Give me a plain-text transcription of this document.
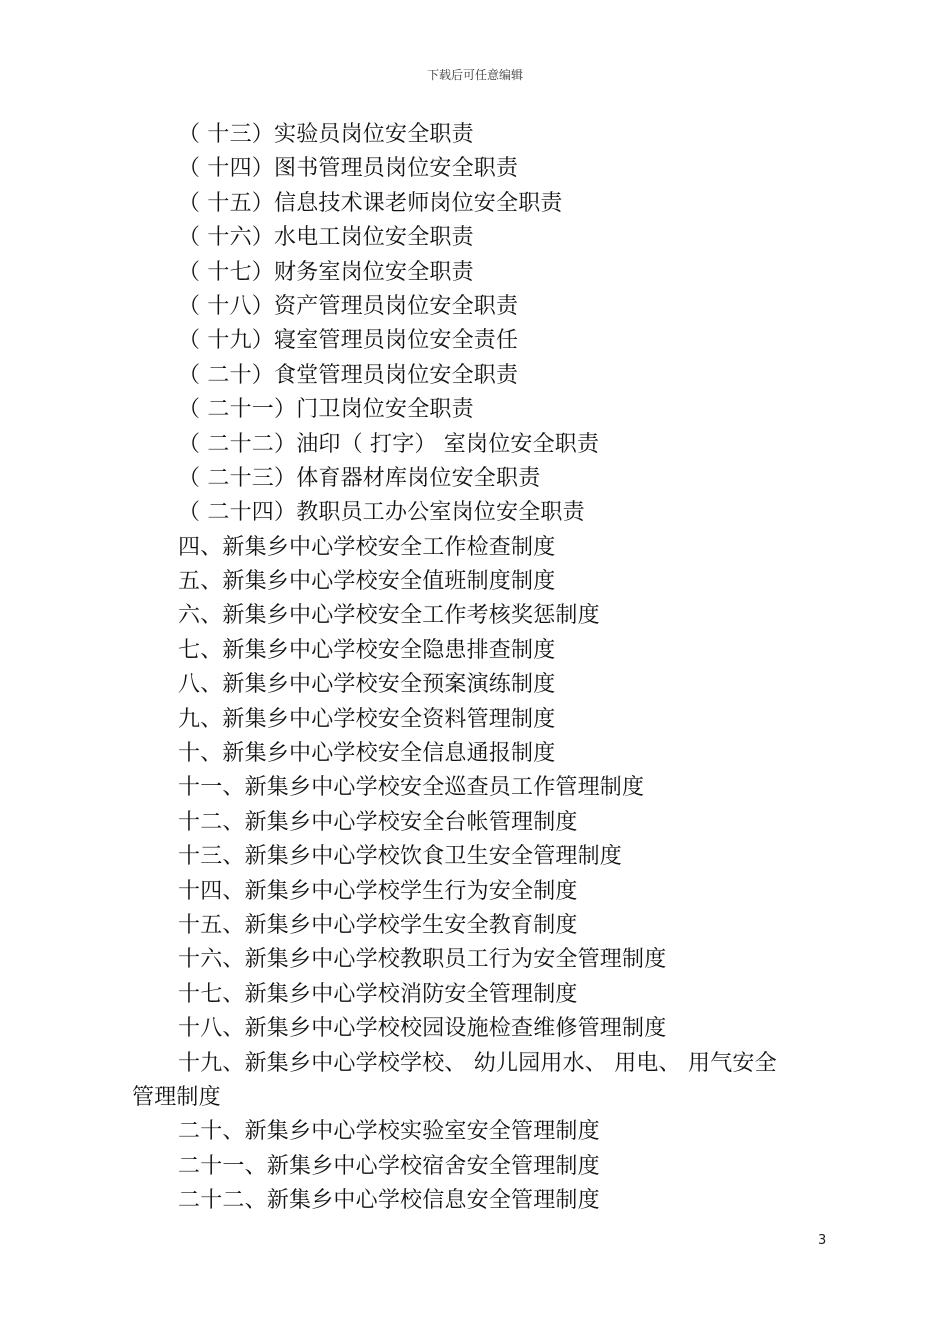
下载后可任意编辑
（ 十三）实验员岗位安全职责
（ 十四）图书管理员岗位安全职责
（ 十五）信息技术课老师岗位安全职责
（ 十六）水电工岗位安全职责
（ 十七）财务室岗位安全职责
（ 十八）资产管理员岗位安全职责
（ 十九）寝室管理员岗位安全责任
（ 二十）食堂管理员岗位安全职责
（ 二十一）门卫岗位安全职责
（ 二十二）油印（ 打字） 室岗位安全职责
（ 二十三）体育器材库岗位安全职责
（ 二十四）教职员工办公室岗位安全职责
四、新集乡中心学校安全工作检查制度
五、新集乡中心学校安全值班制度制度
六、新集乡中心学校安全工作考核奖惩制度
七、新集乡中心学校安全隐患排查制度
八、新集乡中心学校安全预案演练制度
九、新集乡中心学校安全资料管理制度
十、新集乡中心学校安全信息通报制度
十一、新集乡中心学校安全巡查员工作管理制度
十二、新集乡中心学校安全台帐管理制度
十三、新集乡中心学校饮食卫生安全管理制度
十四、新集乡中心学校学生行为安全制度
十五、新集乡中心学校学生安全教育制度
十六、新集乡中心学校教职员工行为安全管理制度
十七、新集乡中心学校消防安全管理制度
十八、新集乡中心学校校园设施检查维修管理制度
十九、新集乡中心学校学校、 幼儿园用水、 用电、 用气安全
管理制度
二十、新集乡中心学校实验室安全管理制度
二十一、新集乡中心学校宿舍安全管理制度
二十二、新集乡中心学校信息安全管理制度
3
